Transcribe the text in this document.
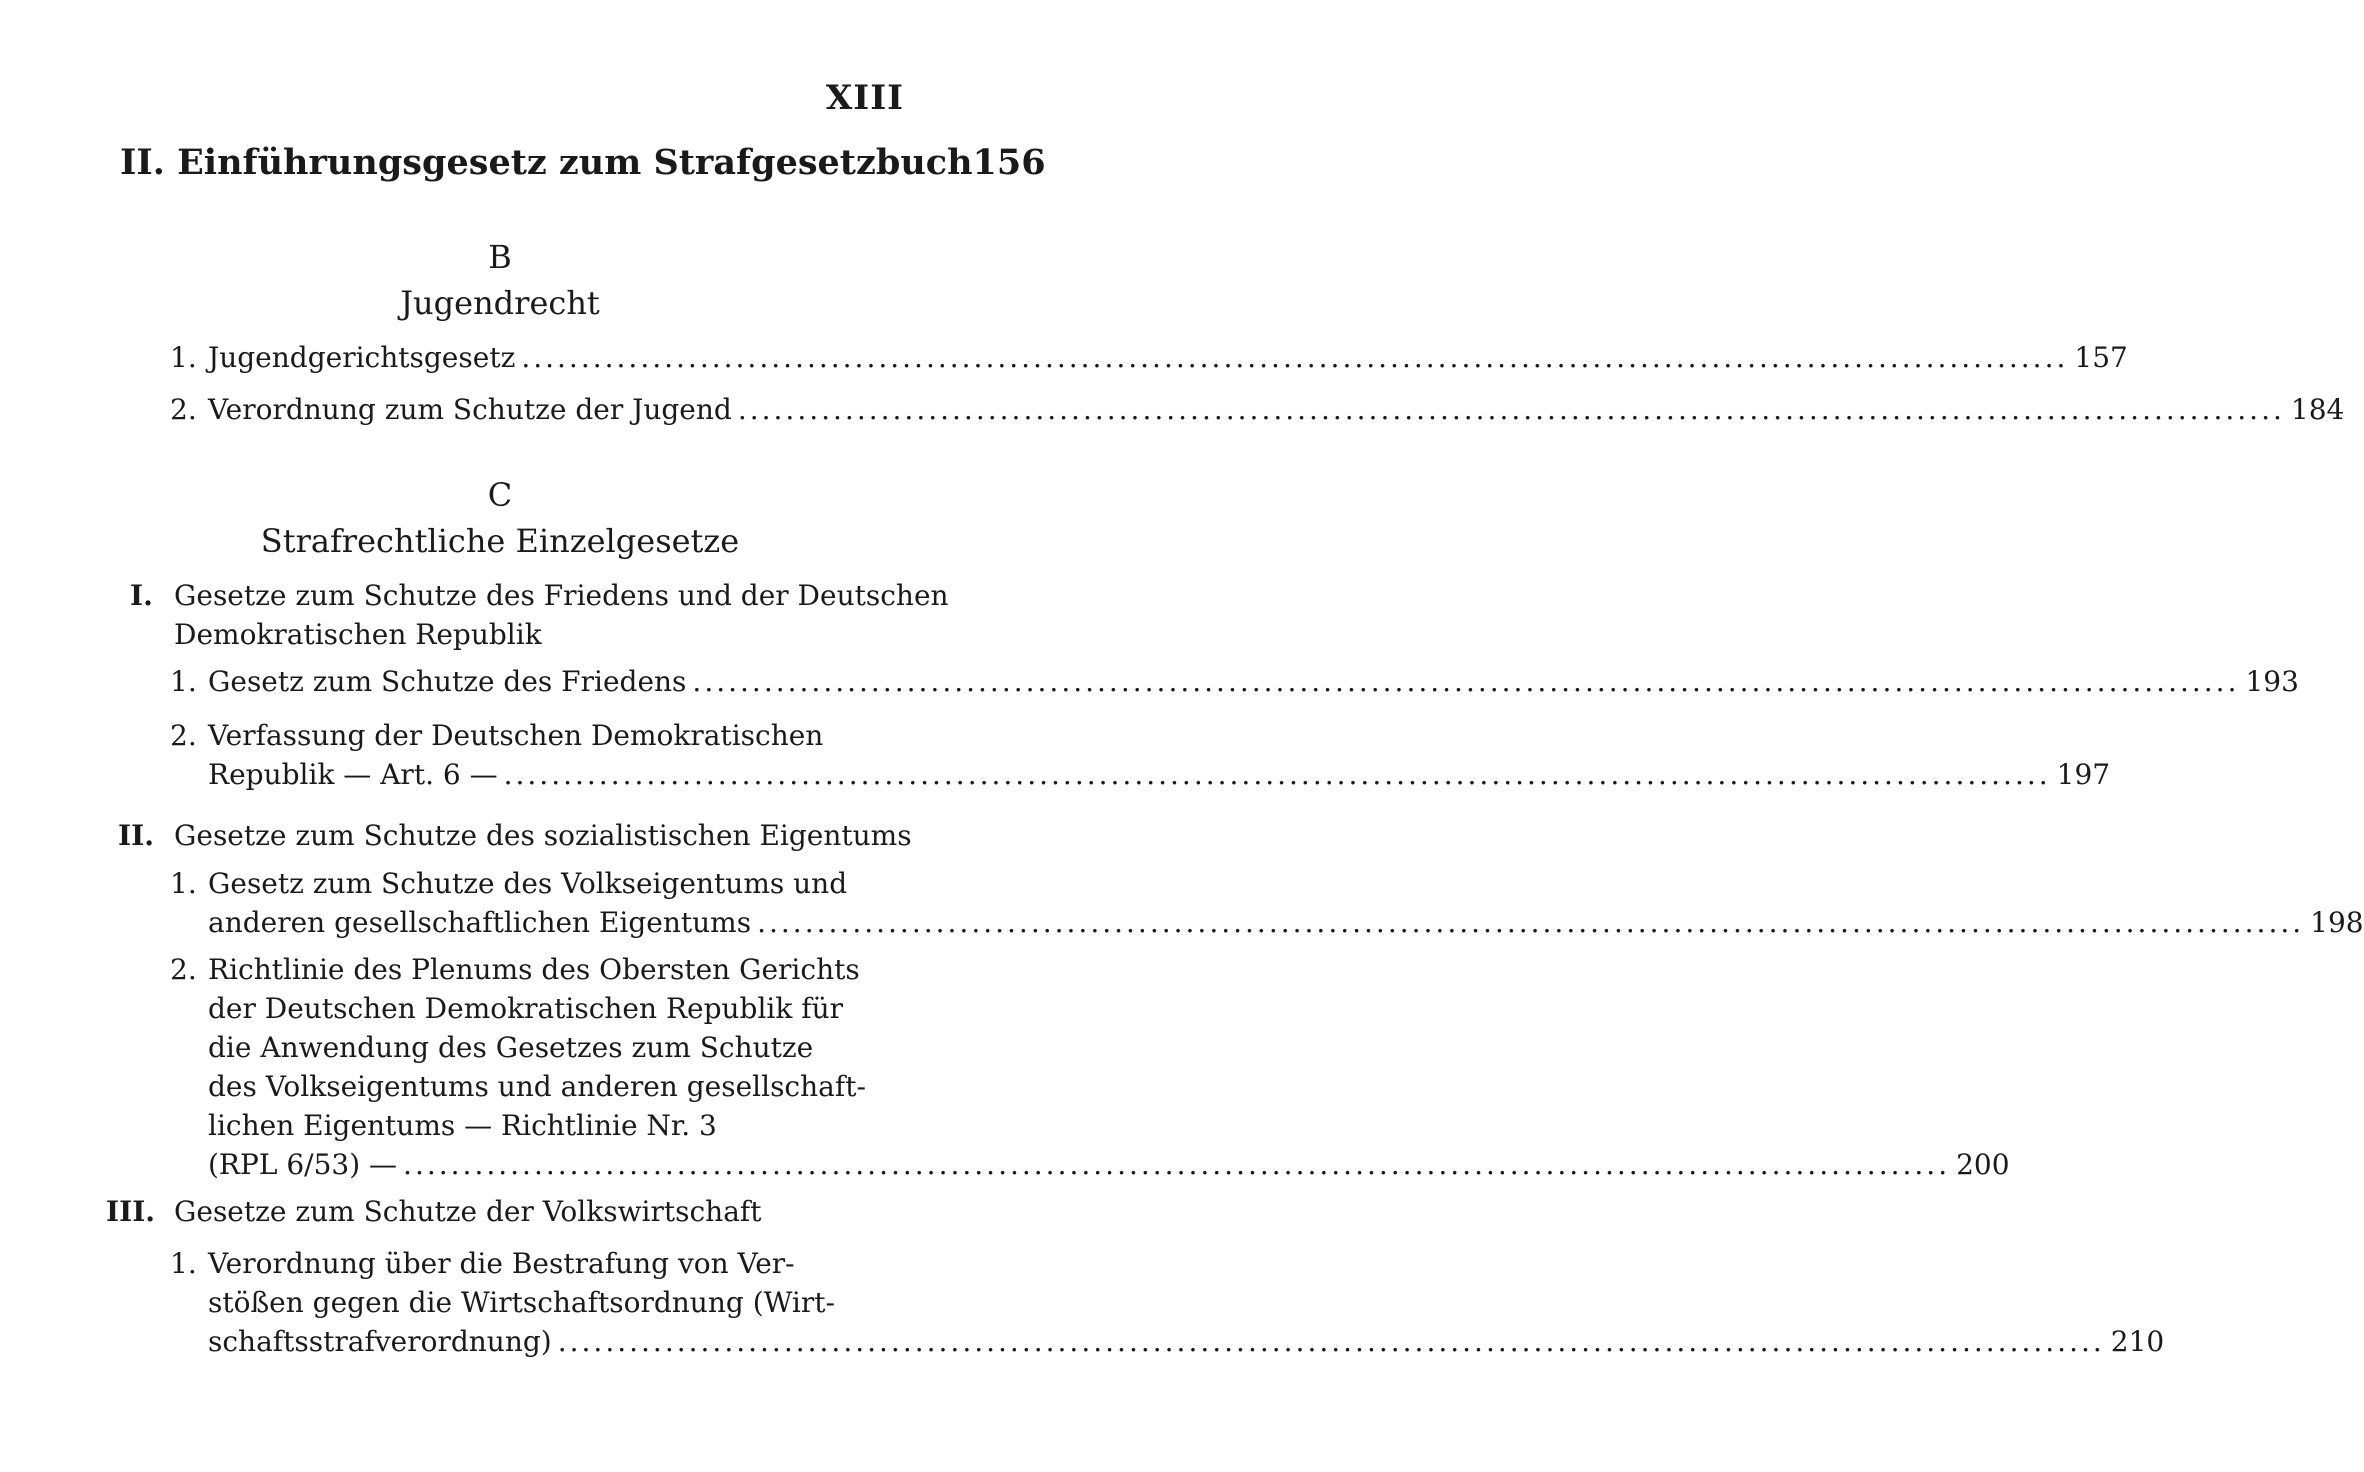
XIII
II. Einführungsgesetz zum Strafgesetzbuch 156
B
Jugendrecht
1. Jugendgerichtsgesetz .....	157
2. Verordnung zum Schutze der Jugend .....	184
C
Strafrechtliche Einzelgesetze
I. Gesetze zum Schutze des Friedens und der Deutschen
Demokratischen Republik
1. Gesetz zum Schutze des Friedens .....	193
2. Verfassung der Deutschen Demokratischen
Republik — Art. 6 — .....	197
II. Gesetze zum Schutze des sozialistischen Eigentums
1. Gesetz zum Schutze des Volkseigentums und
anderen gesellschaftlichen Eigentums .....	198
2. Richtlinie des Plenums des Obersten Gerichts
der Deutschen Demokratischen Republik für
die Anwendung des Gesetzes zum Schutze
des Volkseigentums und anderen gesellschaft-
lichen Eigentums — Richtlinie Nr. 3
(RPL 6/53) — .....	200
III. Gesetze zum Schutze der Volkswirtschaft
1. Verordnung über die Bestrafung von Ver-
stößen gegen die Wirtschaftsordnung (Wirt-
schaftsstrafverordnung) .....	210
